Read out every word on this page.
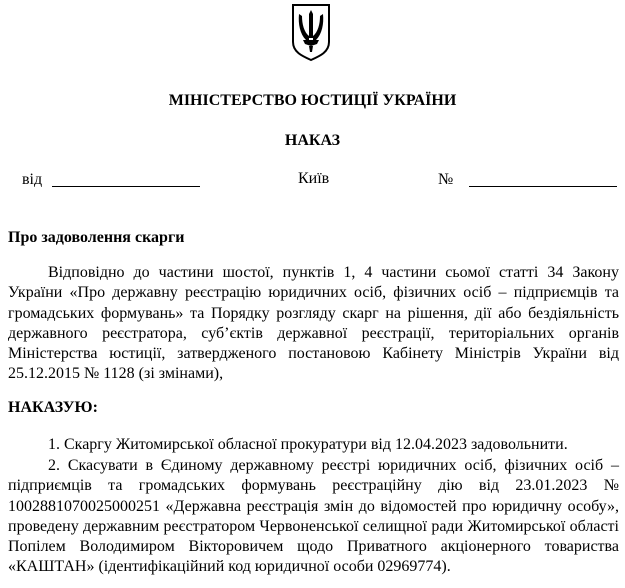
МІНІСТЕРСТВО ЮСТИЦІЇ УКРАЇНИ
НАКАЗ
від	Київ	№
Про задоволення скарги
Відповідно до частини шостої, пунктів 1, 4 частини сьомої статті 34 Закону України «Про державну реєстрацію юридичних осіб, фізичних осіб – підприємців та громадських формувань» та Порядку розгляду скарг на рішення, дії або бездіяльність державного реєстратора, суб’єктів державної реєстрації, територіальних органів Міністерства юстиції, затвердженого постановою Кабінету Міністрів України від 25.12.2015 № 1128 (зі змінами),
НАКАЗУЮ:
1. Скаргу Житомирської обласної прокуратури від 12.04.2023 задовольнити.
2. Скасувати в Єдиному державному реєстрі юридичних осіб, фізичних осіб – підприємців та громадських формувань реєстраційну дію від 23.01.2023 № 1002881070025000251 «Державна реєстрація змін до відомостей про юридичну особу», проведену державним реєстратором Червоненської селищної ради Житомирської області Попілем Володимиром Вікторовичем щодо Приватного акціонерного товариства «КАШТАН» (ідентифікаційний код юридичної особи 02969774).
